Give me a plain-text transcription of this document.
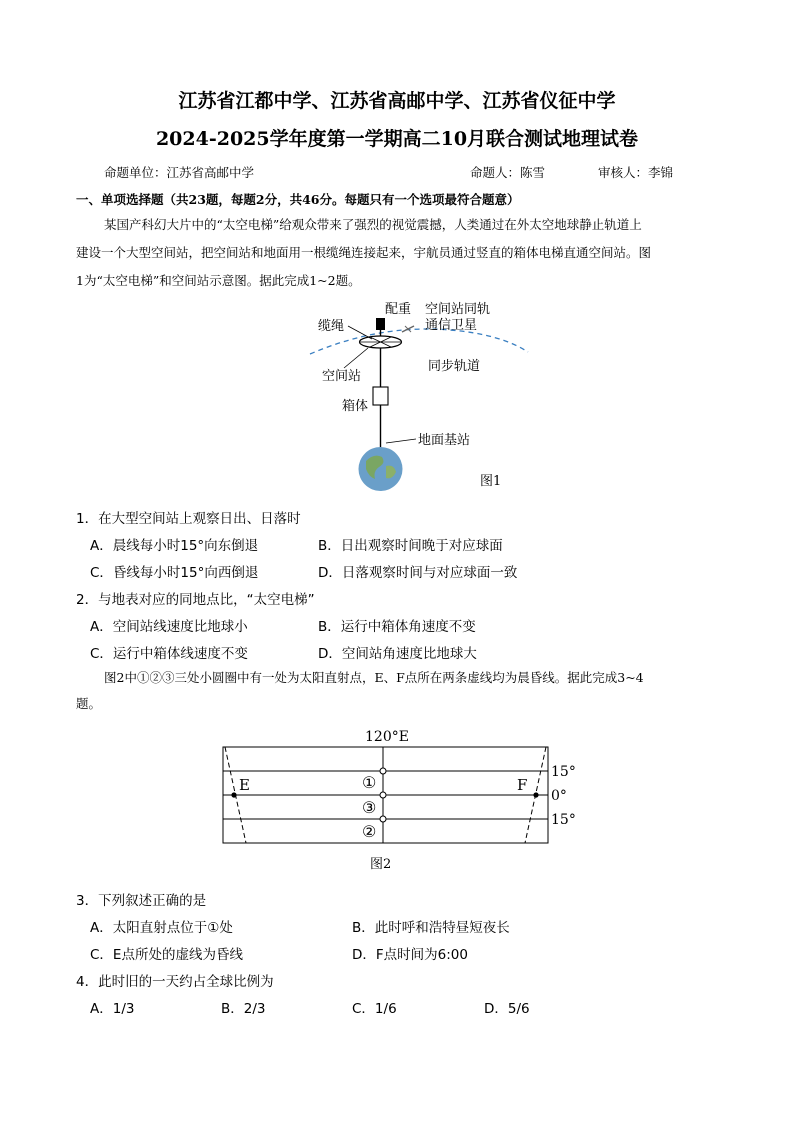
江苏省江都中学、江苏省高邮中学、江苏省仪征中学
2024-2025学年度第一学期高二10月联合测试地理试卷
命题单位：江苏省高邮中学	命题人：陈雪	审核人：李锦
一、单项选择题（共23题，每题2分，共46分。每题只有一个选项最符合题意）
某国产科幻大片中的“太空电梯”给观众带来了强烈的视觉震撼，人类通过在外太空地球静止轨道上
建设一个大型空间站，把空间站和地面用一根缆绳连接起来，宇航员通过竖直的箱体电梯直通空间站。图
1为“太空电梯”和空间站示意图。据此完成1~2题。
配重 空间站同轨
通信卫星
缆绳
同步轨道
空间站
箱体
地面基站
图1
1．在大型空间站上观察日出、日落时
A．晨线每小时15°向东倒退	B．日出观察时间晚于对应球面
C．昏线每小时15°向西倒退	D．日落观察时间与对应球面一致
2．与地表对应的同地点比，“太空电梯”
A．空间站线速度比地球小	B．运行中箱体角速度不变
C．运行中箱体线速度不变	D．空间站角速度比地球大
图2中①②③三处小圆圈中有一处为太阳直射点，E、F点所在两条虚线均为晨昏线。据此完成3~4
题。
120°E
E	F
①
③
②
15°
0°
15°
图2
3．下列叙述正确的是
A．太阳直射点位于①处	B．此时呼和浩特昼短夜长
C．E点所处的虚线为昏线	D．F点时间为6:00
4．此时旧的一天约占全球比例为
A．1/3	B．2/3	C．1/6	D．5/6
